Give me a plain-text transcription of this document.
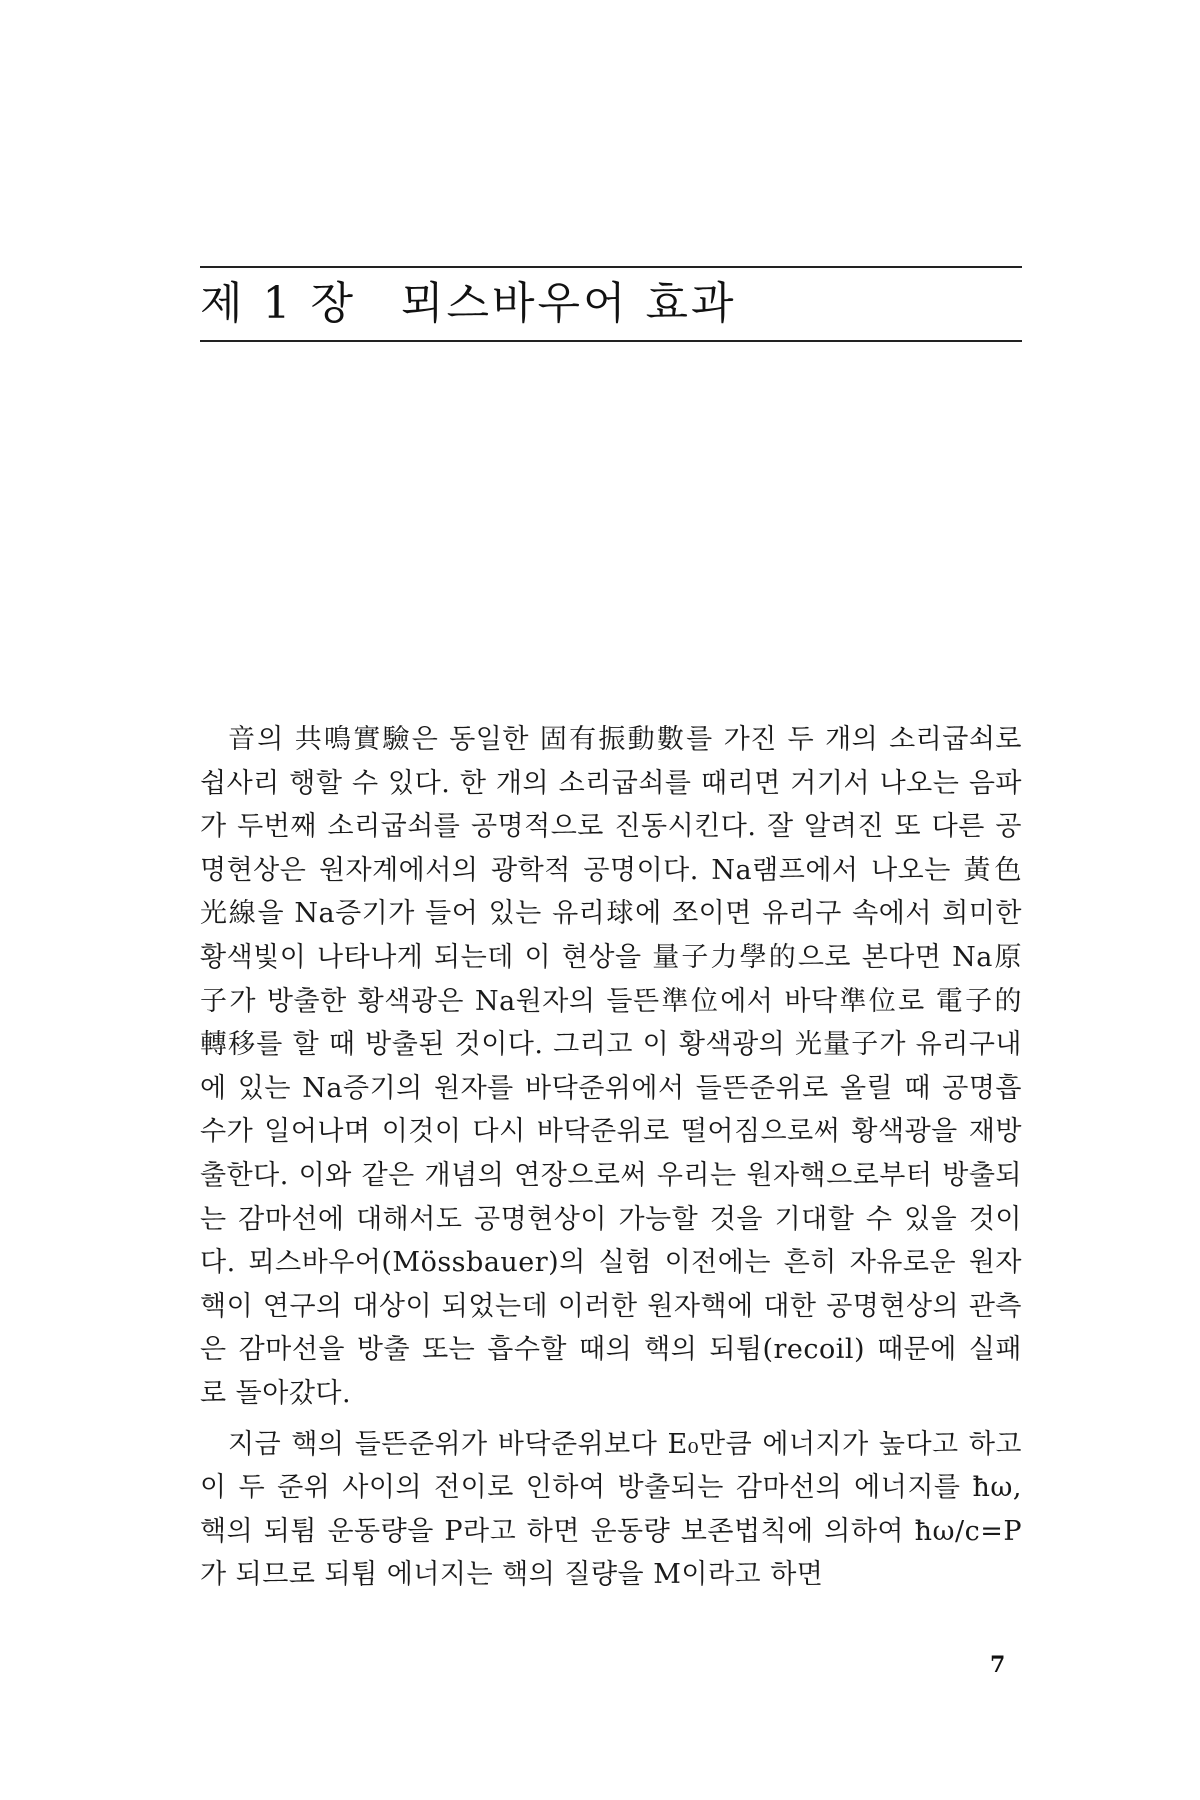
제 1 장 뫼스바우어 효과

音의 共鳴實驗은 동일한 固有振動數를 가진 두 개의 소리굽쇠로 쉽사리 행할 수 있다. 한 개의 소리굽쇠를 때리면 거기서 나오는 음파가 두번째 소리굽쇠를 공명적으로 진동시킨다. 잘 알려진 또 다른 공명현상은 원자계에서의 광학적 공명이다. Na램프에서 나오는 黃色光線을 Na증기가 들어 있는 유리球에 쪼이면 유리구 속에서 희미한 황색빛이 나타나게 되는데 이 현상을 量子力學的으로 본다면 Na原子가 방출한 황색광은 Na원자의 들뜬準位에서 바닥準位로 電子的 轉移를 할 때 방출된 것이다. 그리고 이 황색광의 光量子가 유리구내에 있는 Na증기의 원자를 바닥준위에서 들뜬준위로 올릴 때 공명흡수가 일어나며 이것이 다시 바닥준위로 떨어짐으로써 황색광을 재방출한다. 이와 같은 개념의 연장으로써 우리는 원자핵으로부터 방출되는 감마선에 대해서도 공명현상이 가능할 것을 기대할 수 있을 것이다. 뫼스바우어(Mössbauer)의 실험 이전에는 흔히 자유로운 원자핵이 연구의 대상이 되었는데 이러한 원자핵에 대한 공명현상의 관측은 감마선을 방출 또는 흡수할 때의 핵의 되튐(recoil) 때문에 실패로 돌아갔다.

지금 핵의 들뜬준위가 바닥준위보다 E₀만큼 에너지가 높다고 하고 이 두 준위 사이의 전이로 인하여 방출되는 감마선의 에너지를 ħω, 핵의 되튐 운동량을 P라고 하면 운동량 보존법칙에 의하여 ħω/c=P가 되므로 되튐 에너지는 핵의 질량을 M이라고 하면

7
